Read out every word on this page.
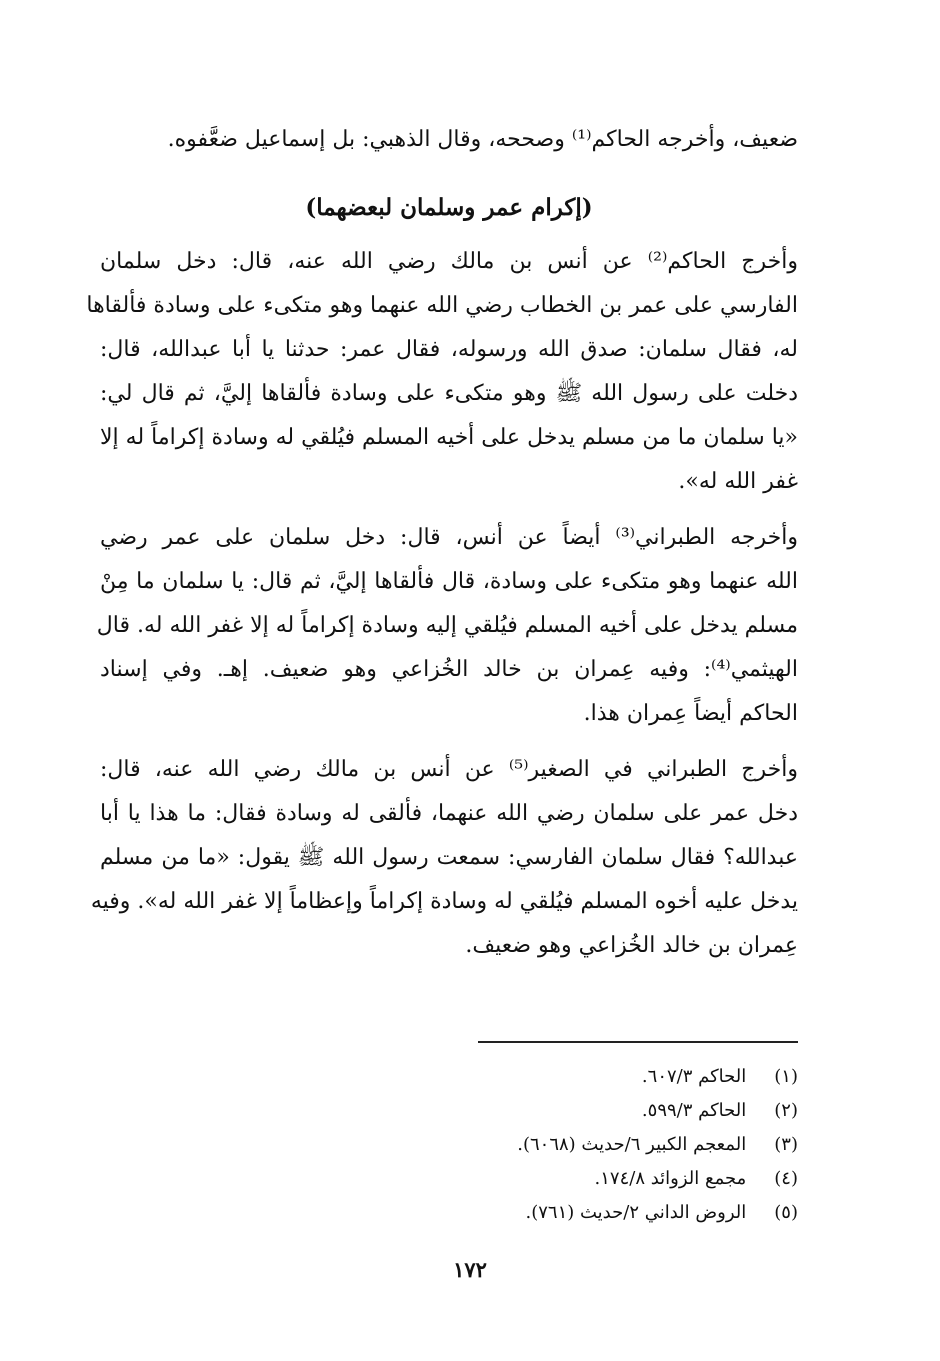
ضعيف، وأخرجه الحاكم⁽¹⁾ وصححه، وقال الذهبي: بل إسماعيل ضعَّفوه.
(إكرام عمر وسلمان لبعضهما)
وأخرج الحاكم⁽²⁾ عن أنس بن مالك رضي الله عنه، قال: دخل سلمان
الفارسي على عمر بن الخطاب رضي الله عنهما وهو متكىء على وسادة فألقاها
له، فقال سلمان: صدق الله ورسوله، فقال عمر: حدثنا يا أبا عبدالله، قال:
دخلت على رسول الله ﷺ وهو متكىء على وسادة فألقاها إليَّ، ثم قال لي:
«يا سلمان ما من مسلم يدخل على أخيه المسلم فيُلقي له وسادة إكراماً له إلا
غفر الله له».
وأخرجه الطبراني⁽³⁾ أيضاً عن أنس، قال: دخل سلمان على عمر رضي
الله عنهما وهو متكىء على وسادة، قال فألقاها إليَّ، ثم قال: يا سلمان ما مِنْ
مسلم يدخل على أخيه المسلم فيُلقي إليه وسادة إكراماً له إلا غفر الله له. قال
الهيثمي⁽⁴⁾: وفيه عِمران بن خالد الخُزاعي وهو ضعيف. إهـ. وفي إسناد
الحاكم أيضاً عِمران هذا.
وأخرج الطبراني في الصغير⁽⁵⁾ عن أنس بن مالك رضي الله عنه، قال:
دخل عمر على سلمان رضي الله عنهما، فألقى له وسادة فقال: ما هذا يا أبا
عبدالله؟ فقال سلمان الفارسي: سمعت رسول الله ﷺ يقول: «ما من مسلم
يدخل عليه أخوه المسلم فيُلقي له وسادة إكراماً وإعظاماً إلا غفر الله له». وفيه
عِمران بن خالد الخُزاعي وهو ضعيف.
(١) الحاكم ٦٠٧/٣.
(٢) الحاكم ٥٩٩/٣.
(٣) المعجم الكبير ٦/حديث (٦٠٦٨).
(٤) مجمع الزوائد ١٧٤/٨.
(٥) الروض الداني ٢/حديث (٧٦١).
١٧٢
